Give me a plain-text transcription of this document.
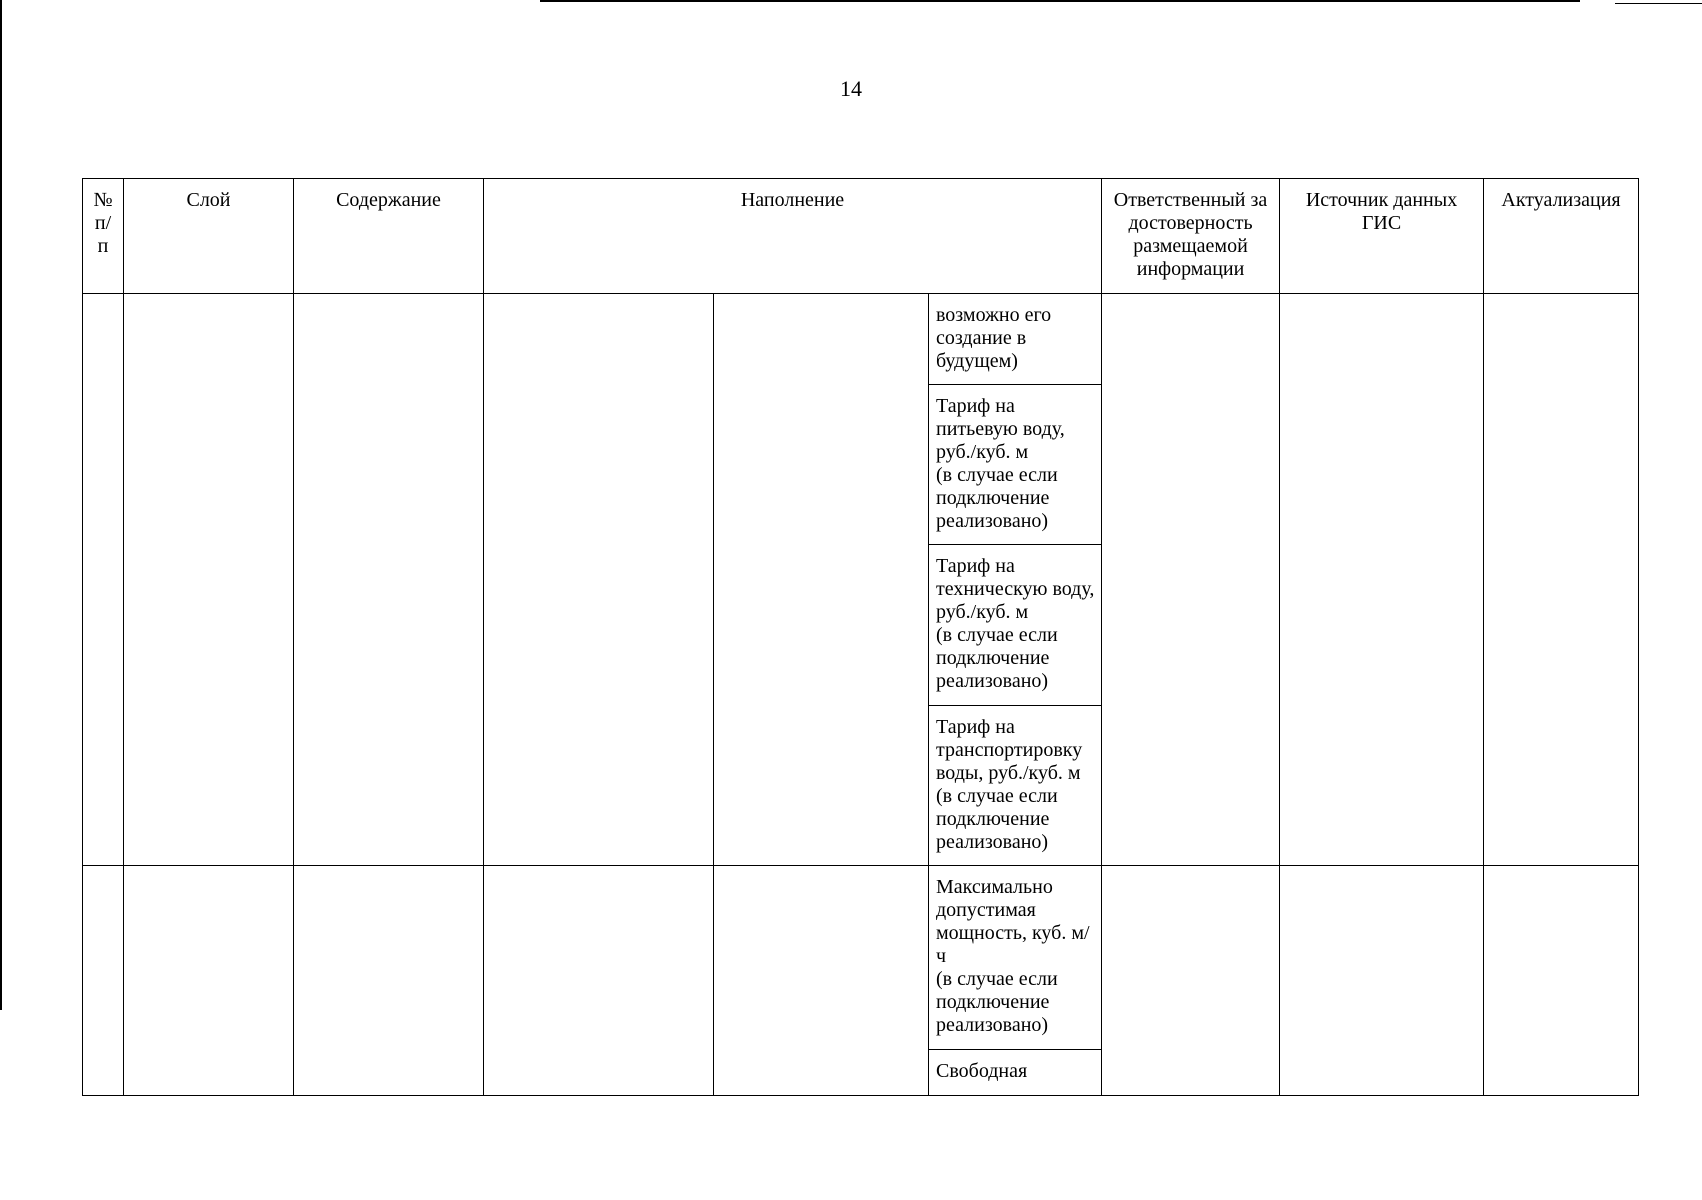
14
№
п/
п	Слой	Содержание	Наполнение			Ответственный за достоверность размещаемой информации	Источник данных ГИС	Актуализация
					возможно его создание в будущем)			
					Тариф на питьевую воду, руб./куб. м
(в случае если подключение реализовано)			
					Тариф на техническую воду, руб./куб. м
(в случае если подключение реализовано)			
					Тариф на транспортировку воды, руб./куб. м
(в случае если подключение реализовано)			
					Максимально допустимая мощность, куб. м/ч
(в случае если подключение реализовано)			
					Свободная			
